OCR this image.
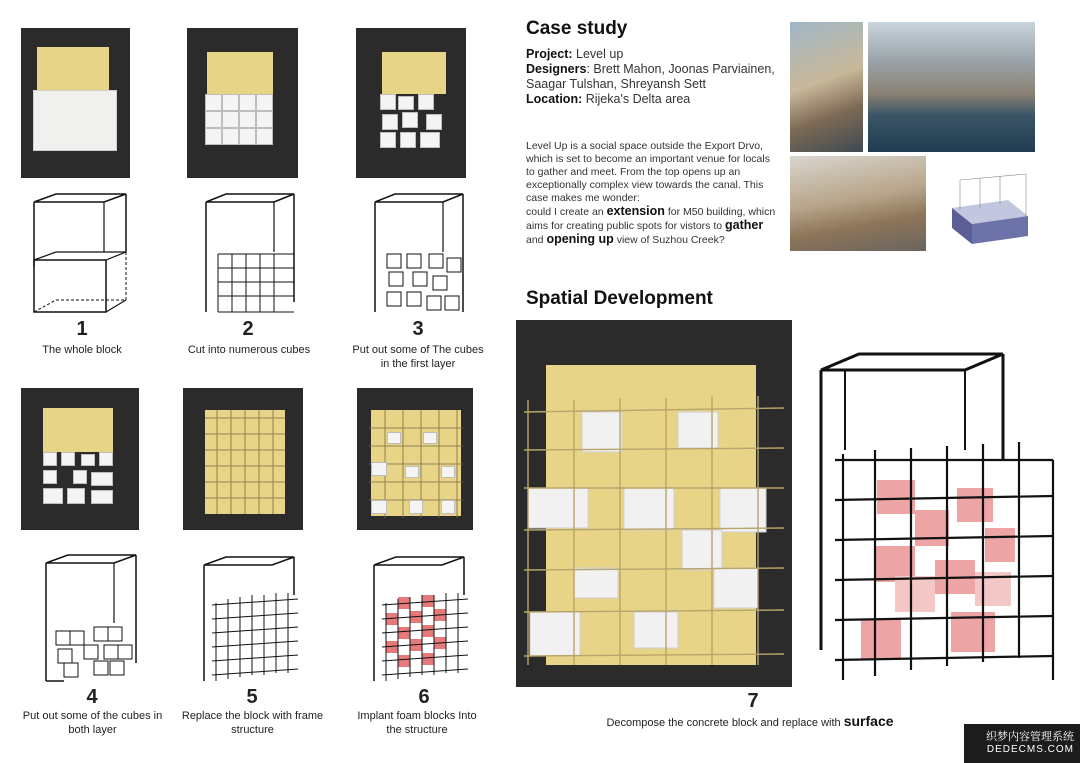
1
The whole block
4
Put out some of the cubes in both layer
2
Cut into numerous cubes
5
Replace the block with frame structure
3
Put out some of The cubes in the first layer
6
Implant foam blocks Into the structure
Case study
Project: Level up
Designers: Brett Mahon, Joonas Parviainen, Saagar Tulshan, Shreyansh Sett
Location: Rijeka's Delta area
Level Up is a social space outside the Export Drvo, which is set to become an important venue for locals to gather and meet. From the top opens up an exceptionally complex view towards the canal. This case makes me wonder:
could I create an extension for M50 building, whicn aims for creating public spots for vistors to gather and opening up view of Suzhou Creek?
Spatial Development
7
Decompose the concrete block and replace with surface
织梦内容管理系统
DEDECMS.COM
